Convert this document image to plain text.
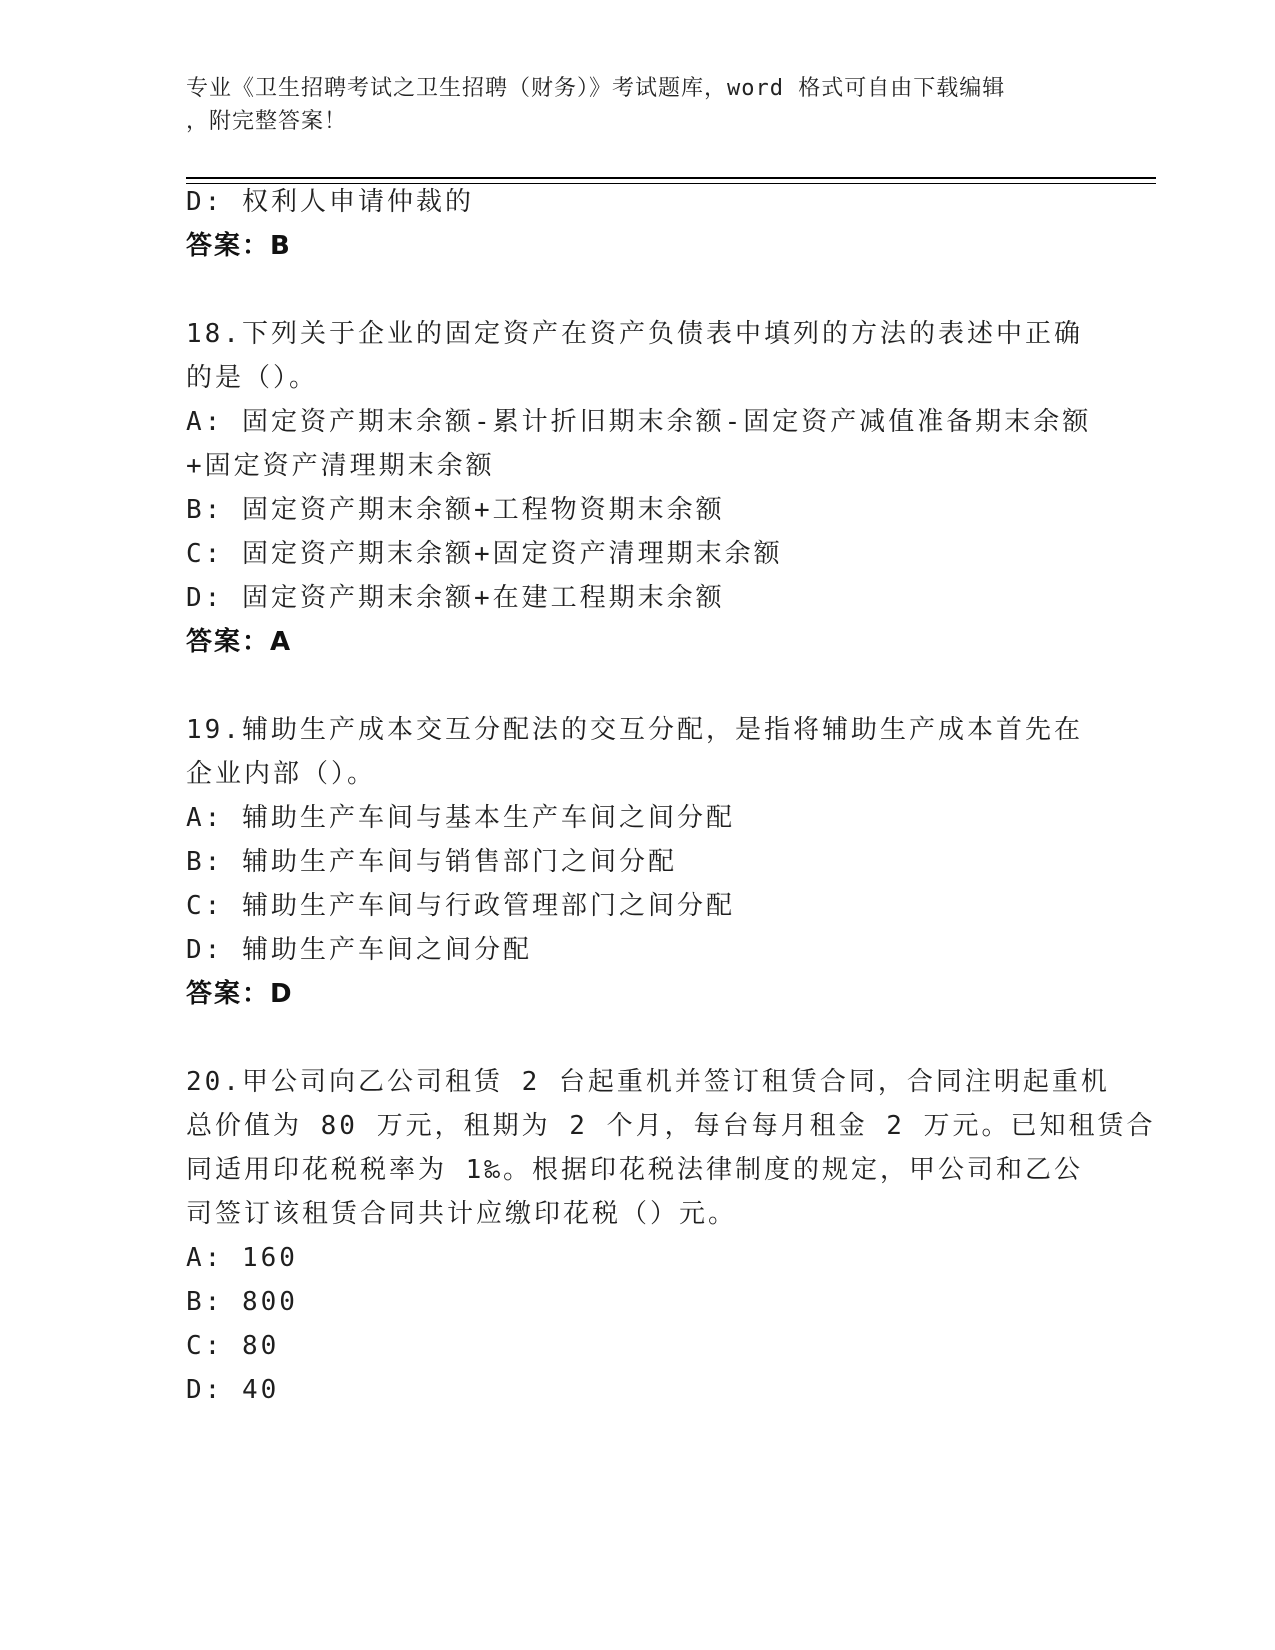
专业《卫生招聘考试之卫生招聘（财务）》考试题库，word 格式可自由下载编辑
，附完整答案！
D: 权利人申请仲裁的
答案：B
18.下列关于企业的固定资产在资产负债表中填列的方法的表述中正确
的是（）。
A: 固定资产期末余额-累计折旧期末余额-固定资产减值准备期末余额
+固定资产清理期末余额
B: 固定资产期末余额+工程物资期末余额
C: 固定资产期末余额+固定资产清理期末余额
D: 固定资产期末余额+在建工程期末余额
答案：A
19.辅助生产成本交互分配法的交互分配，是指将辅助生产成本首先在
企业内部（）。
A: 辅助生产车间与基本生产车间之间分配
B: 辅助生产车间与销售部门之间分配
C: 辅助生产车间与行政管理部门之间分配
D: 辅助生产车间之间分配
答案：D
20.甲公司向乙公司租赁 2 台起重机并签订租赁合同，合同注明起重机
总价值为 80 万元，租期为 2 个月，每台每月租金 2 万元。已知租赁合
同适用印花税税率为 1‰。根据印花税法律制度的规定，甲公司和乙公
司签订该租赁合同共计应缴印花税（）元。
A: 160
B: 800
C: 80
D: 40
